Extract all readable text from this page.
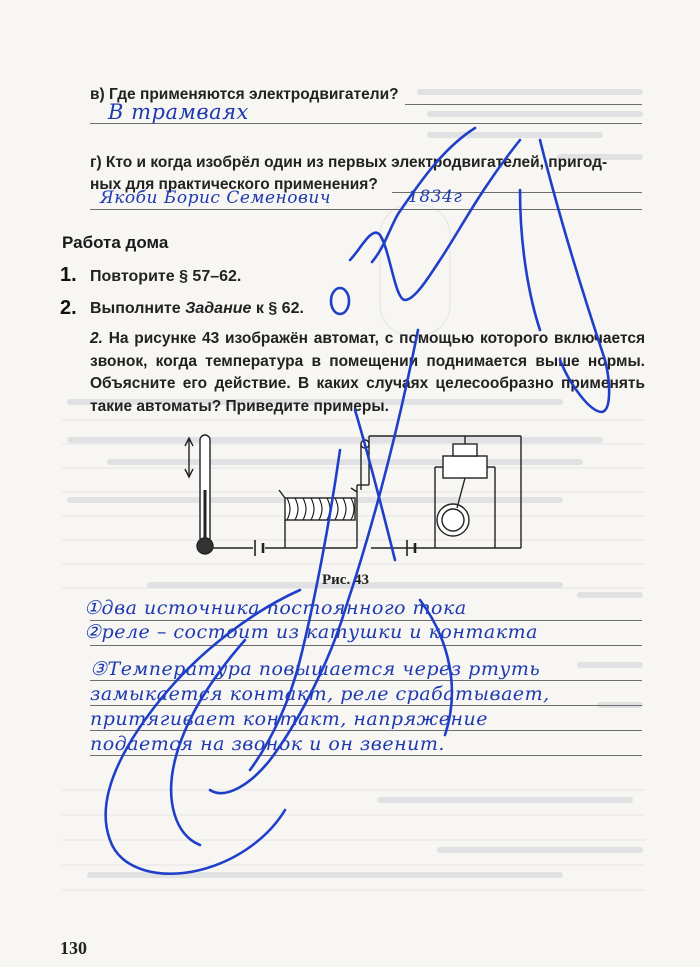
в) Где применяются электродвигатели?
В трамваях
г) Кто и когда изобрёл один из первых электродвигателей, пригод-
ных для практического применения?
Якоби Борис Семенович	1834г
Работа дома
1. Повторите § 57–62.
2. Выполните Задание к § 62.
2. На рисунке 43 изображён автомат, с помощью которого включается звонок, когда температура в помещении поднимается выше нормы. Объясните его действие. В каких случаях целесообразно применять такие автоматы? Приведите примеры.
Рис. 43
①два источника постоянного тока
②реле – состоит из катушки и контакта
③Температура повышается через ртуть
замыкается контакт, реле срабатывает,
притягивает контакт, напряжение
подается на звонок и он звенит.
130
